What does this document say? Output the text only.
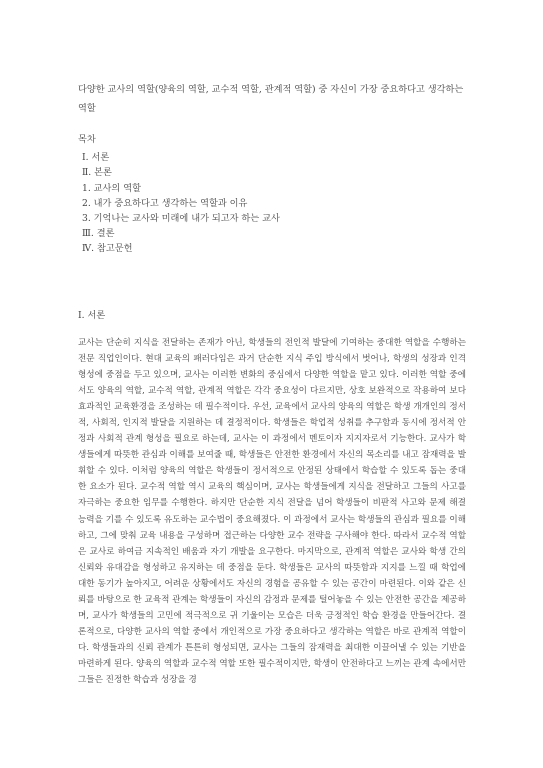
다양한 교사의 역할(양육의 역할, 교수적 역할, 관계적 역할) 중 자신이 가장 중요하다고 생각하는 역할
목차
Ⅰ. 서론
Ⅱ. 본론
1. 교사의 역할
2. 내가 중요하다고 생각하는 역할과 이유
3. 기억나는 교사와 미래에 내가 되고자 하는 교사
Ⅲ. 결론
Ⅳ. 참고문헌
Ⅰ. 서론

교사는 단순히 지식을 전달하는 존재가 아닌, 학생들의 전인적 발달에 기여하는 중대한 역할을 수행하는 전문 직업인이다. 현대 교육의 패러다임은 과거 단순한 지식 주입 방식에서 벗어나, 학생의 성장과 인격 형성에 중점을 두고 있으며, 교사는 이러한 변화의 중심에서 다양한 역할을 맡고 있다. 이러한 역할 중에서도 양육의 역할, 교수적 역할, 관계적 역할은 각각 중요성이 다르지만, 상호 보완적으로 작용하여 보다 효과적인 교육환경을 조성하는 데 필수적이다. 우선, 교육에서 교사의 양육의 역할은 학생 개개인의 정서적, 사회적, 인지적 발달을 지원하는 데 결정적이다. 학생들은 학업적 성취를 추구함과 동시에 정서적 안정과 사회적 관계 형성을 필요로 하는데, 교사는 이 과정에서 멘토이자 지지자로서 기능한다. 교사가 학생들에게 따뜻한 관심과 이해를 보여줄 때, 학생들은 안전한 환경에서 자신의 목소리를 내고 잠재력을 발휘할 수 있다. 이처럼 양육의 역할은 학생들이 정서적으로 안정된 상태에서 학습할 수 있도록 돕는 중대한 요소가 된다. 교수적 역할 역시 교육의 핵심이며, 교사는 학생들에게 지식을 전달하고 그들의 사고를 자극하는 중요한 임무를 수행한다. 하지만 단순한 지식 전달을 넘어 학생들이 비판적 사고와 문제 해결 능력을 기를 수 있도록 유도하는 교수법이 중요해졌다. 이 과정에서 교사는 학생들의 관심과 필요를 이해하고, 그에 맞춰 교육 내용을 구성하며 접근하는 다양한 교수 전략을 구사해야 한다. 따라서 교수적 역할은 교사로 하여금 지속적인 배움과 자기 개발을 요구한다. 마지막으로, 관계적 역할은 교사와 학생 간의 신뢰와 유대감을 형성하고 유지하는 데 중점을 둔다. 학생들은 교사의 따뜻함과 지지를 느낄 때 학업에 대한 동기가 높아지고, 어려운 상황에서도 자신의 경험을 공유할 수 있는 공간이 마련된다. 이와 같은 신뢰를 바탕으로 한 교육적 관계는 학생들이 자신의 감정과 문제를 털어놓을 수 있는 안전한 공간을 제공하며, 교사가 학생들의 고민에 적극적으로 귀 기울이는 모습은 더욱 긍정적인 학습 환경을 만들어간다. 결론적으로, 다양한 교사의 역할 중에서 개인적으로 가장 중요하다고 생각하는 역할은 바로 관계적 역할이다. 학생들과의 신뢰 관계가 튼튼히 형성되면, 교사는 그들의 잠재력을 최대한 이끌어낼 수 있는 기반을 마련하게 된다. 양육의 역할과 교수적 역할 또한 필수적이지만, 학생이 안전하다고 느끼는 관계 속에서만 그들은 진정한 학습과 성장을 경
